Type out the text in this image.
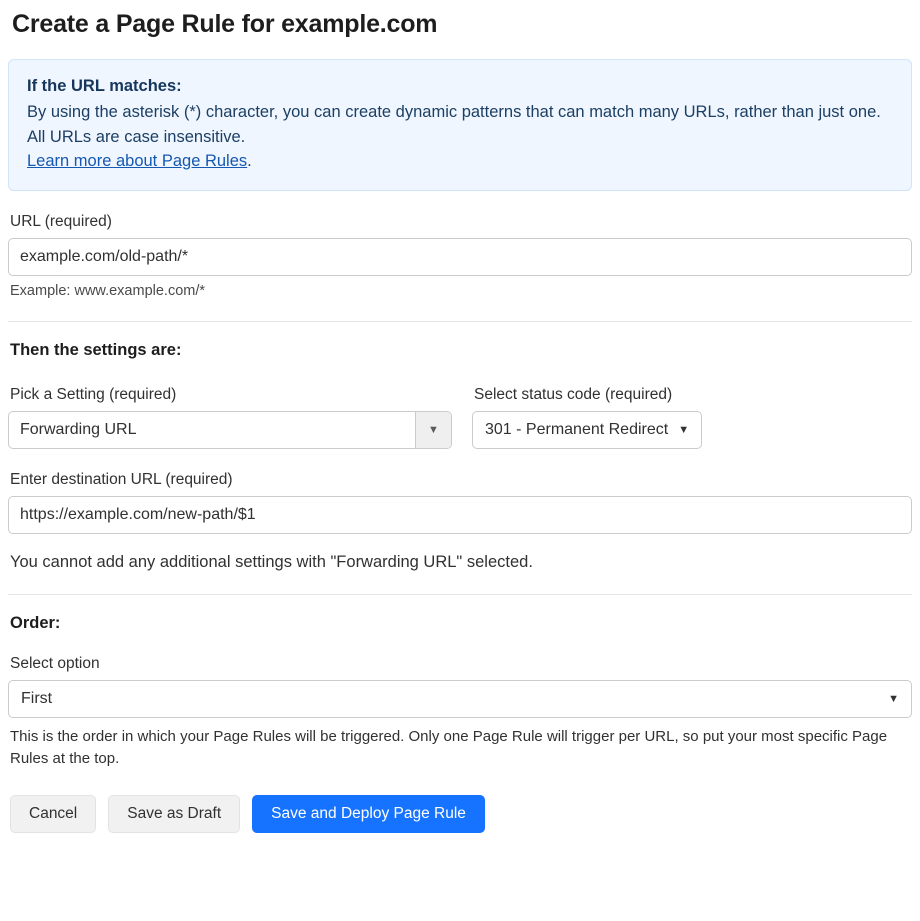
Create a Page Rule for example.com
If the URL matches:
By using the asterisk (*) character, you can create dynamic patterns that can match many URLs, rather than just one. All URLs are case insensitive.
Learn more about Page Rules.
URL (required)
example.com/old-path/*
Example: www.example.com/*
Then the settings are:
Pick a Setting (required)
Forwarding URL	▼
Select status code (required)
301 - Permanent Redirect ▼
Enter destination URL (required)
https://example.com/new-path/$1
You cannot add any additional settings with "Forwarding URL" selected.
Order:
Select option
First	▼
This is the order in which your Page Rules will be triggered. Only one Page Rule will trigger per URL, so put your most specific Page Rules at the top.
Cancel	Save as Draft	Save and Deploy Page Rule
